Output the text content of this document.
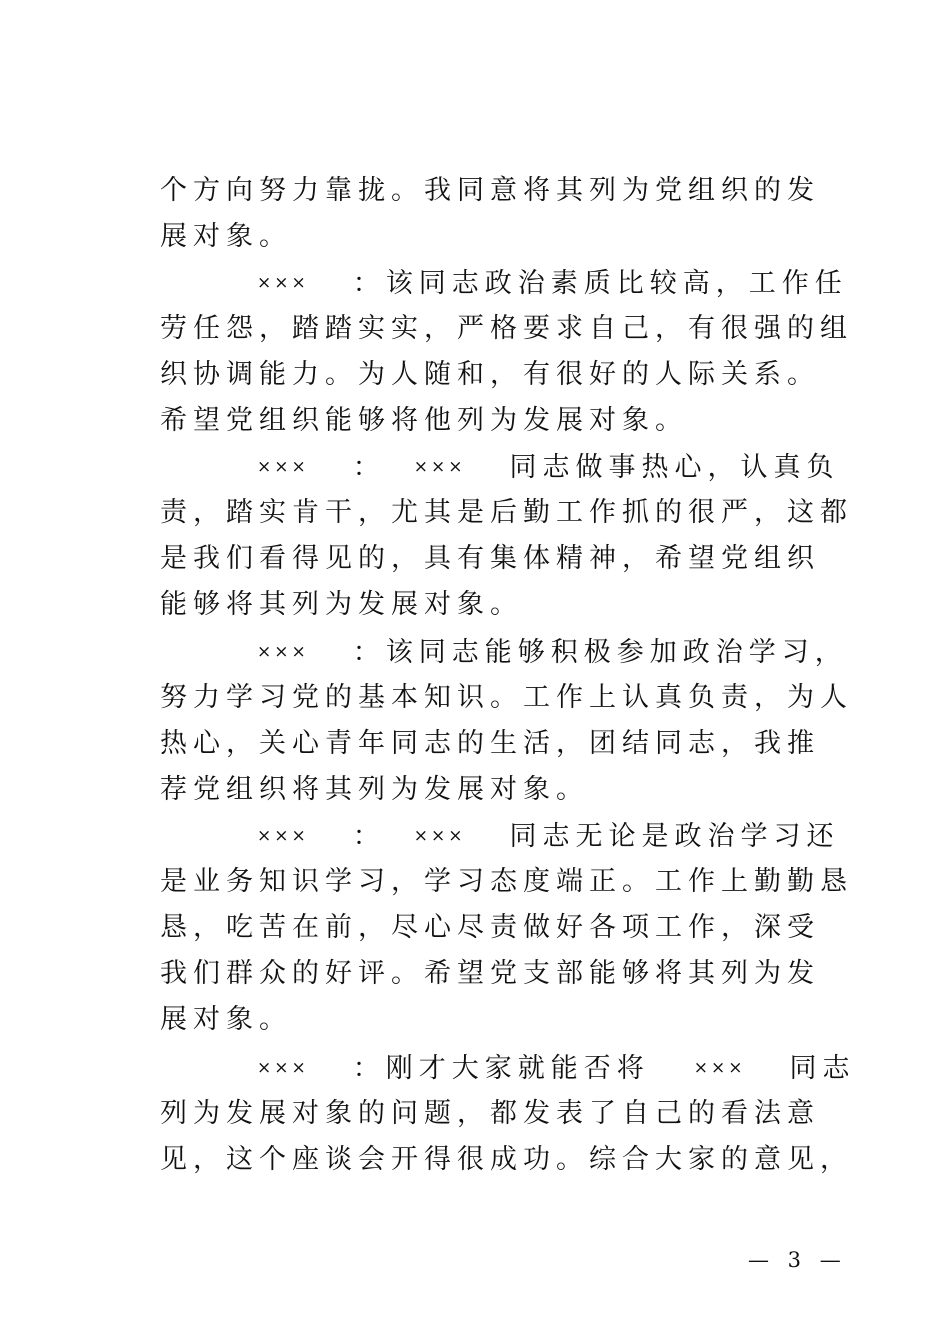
个方向努力靠拢。我同意将其列为党组织的发
展对象。
××× ：该同志政治素质比较高，工作任
劳任怨，踏踏实实，严格要求自己，有很强的组
织协调能力。为人随和，有很好的人际关系。
希望党组织能够将他列为发展对象。
××× ： ××× 同志做事热心，认真负
责，踏实肯干，尤其是后勤工作抓的很严，这都
是我们看得见的，具有集体精神，希望党组织
能够将其列为发展对象。
××× ：该同志能够积极参加政治学习，
努力学习党的基本知识。工作上认真负责，为人
热心，关心青年同志的生活，团结同志，我推
荐党组织将其列为发展对象。
××× ： ××× 同志无论是政治学习还
是业务知识学习，学习态度端正。工作上勤勤恳
恳，吃苦在前，尽心尽责做好各项工作，深受
我们群众的好评。希望党支部能够将其列为发
展对象。
××× ：刚才大家就能否将	××× 同志
列为发展对象的问题，都发表了自己的看法意
见，这个座谈会开得很成功。综合大家的意见，
— 3 —
